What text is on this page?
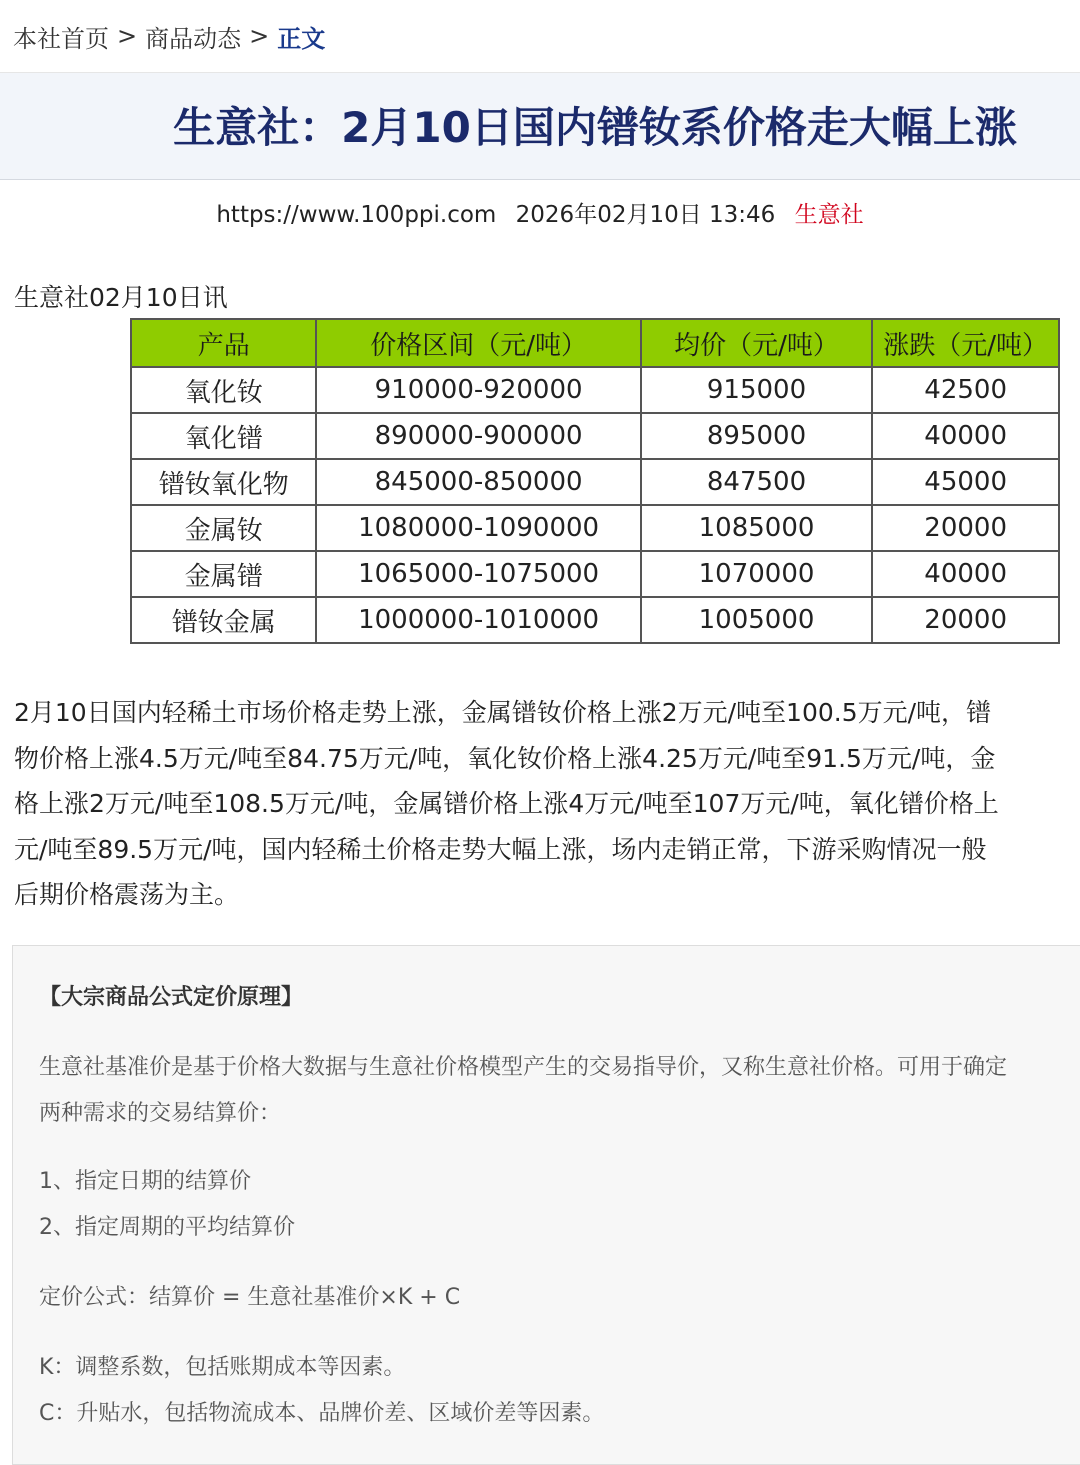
本社首页 > 商品动态 > 正文
生意社：2月10日国内镨钕系价格走大幅上涨
https://www.100ppi.com 2026年02月10日 13:46 生意社
生意社02月10日讯
产品	价格区间（元/吨）	均价（元/吨）	涨跌（元/吨）
氧化钕	910000-920000	915000	42500
氧化镨	890000-900000	895000	40000
镨钕氧化物	845000-850000	847500	45000
金属钕	1080000-1090000	1085000	20000
金属镨	1065000-1075000	1070000	40000
镨钕金属	1000000-1010000	1005000	20000

2月10日国内轻稀土市场价格走势上涨，金属镨钕价格上涨2万元/吨至100.5万元/吨，镨

物价格上涨4.5万元/吨至84.75万元/吨，氧化钕价格上涨4.25万元/吨至91.5万元/吨，金

格上涨2万元/吨至108.5万元/吨，金属镨价格上涨4万元/吨至107万元/吨，氧化镨价格上

元/吨至89.5万元/吨，国内轻稀土价格走势大幅上涨，场内走销正常，下游采购情况一般

后期价格震荡为主。

【大宗商品公式定价原理】
生意社基准价是基于价格大数据与生意社价格模型产生的交易指导价，又称生意社价格。可用于确定
两种需求的交易结算价：
1、指定日期的结算价
2、指定周期的平均结算价
定价公式：结算价 = 生意社基准价×K + C
K：调整系数，包括账期成本等因素。
C：升贴水，包括物流成本、品牌价差、区域价差等因素。
